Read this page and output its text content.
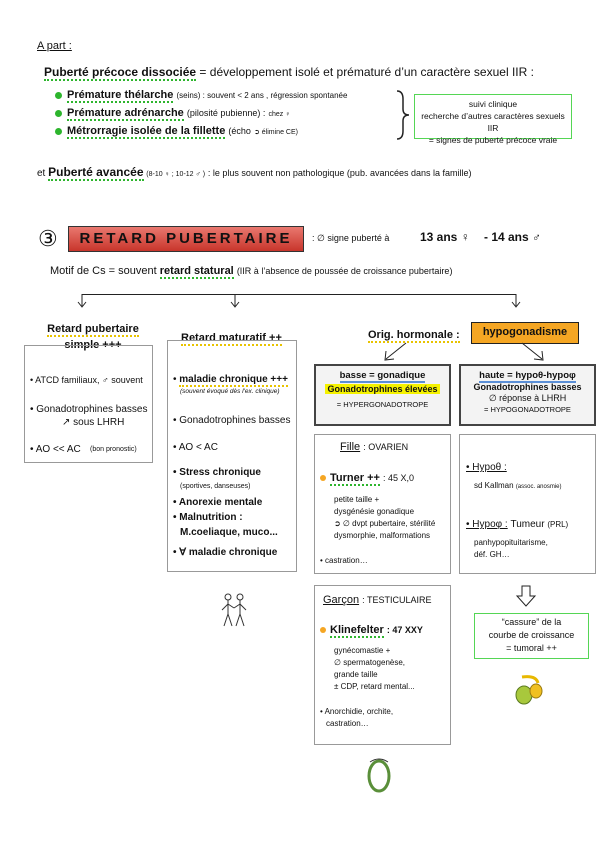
A part :
Puberté précoce dissociée = développement isolé et prématuré d’un caractère sexuel IIR :
Prémature thélarche (seins) : souvent < 2 ans , régression spontanée
Prémature adrénarche (pilosité pubienne) : chez ♀
Métrorragie isolée de la fillette (écho ➲ élimine CE)
suivi clinique
recherche d’autres caractères sexuels IIR
= signes de puberté précoce vraie
et Puberté avancée (8-10 ♀ ; 10-12 ♂ ) : le plus souvent non pathologique (pub. avancées dans la famille)
③	RETARD PUBERTAIRE	: ∅ signe puberté à	13 ans ♀ - 14 ans ♂
Motif de Cs = souvent retard statural (IIR à l’absence de poussée de croissance pubertaire)
Retard pubertaire
simple +++
• ATCD familiaux, ♂ souvent
• Gonadotrophines basses
↗ sous LHRH
• AO << AC (bon pronostic)
Retard maturatif ++
• maladie chronique +++
(souvent évoqué dès l'ex. clinique)
• Gonadotrophines basses
• AO < AC
• Stress chronique
(sportives, danseuses)
• Anorexie mentale
• Malnutrition :
M.coeliaque, muco...
• ∀ maladie chronique
Orig. hormonale :	hypogonadisme
basse = gonadique
Gonadotrophines élevées
= HYPERGONADOTROPE
haute = hypoθ-hypoφ
Gonadotrophines basses
∅ réponse à LHRH
= HYPOGONADOTROPE
Fille : OVARIEN
Turner ++ : 45 X,0
petite taille +
dysgénésie gonadique
➲ ∅ dvpt pubertaire, stérilité
dysmorphie, malformations
• castration…
• Hypoθ :
sd Kallman (assoc. anosmie)
• Hypoφ : Tumeur (PRL)
panhypopituitarisme,
déf. GH…
Garçon : TESTICULAIRE
Klinefelter : 47 XXY
gynécomastie +
∅ spermatogenèse,
grande taille
± CDP, retard mental...
• Anorchidie, orchite,
castration…
“cassure” de la
courbe de croissance
= tumoral ++
